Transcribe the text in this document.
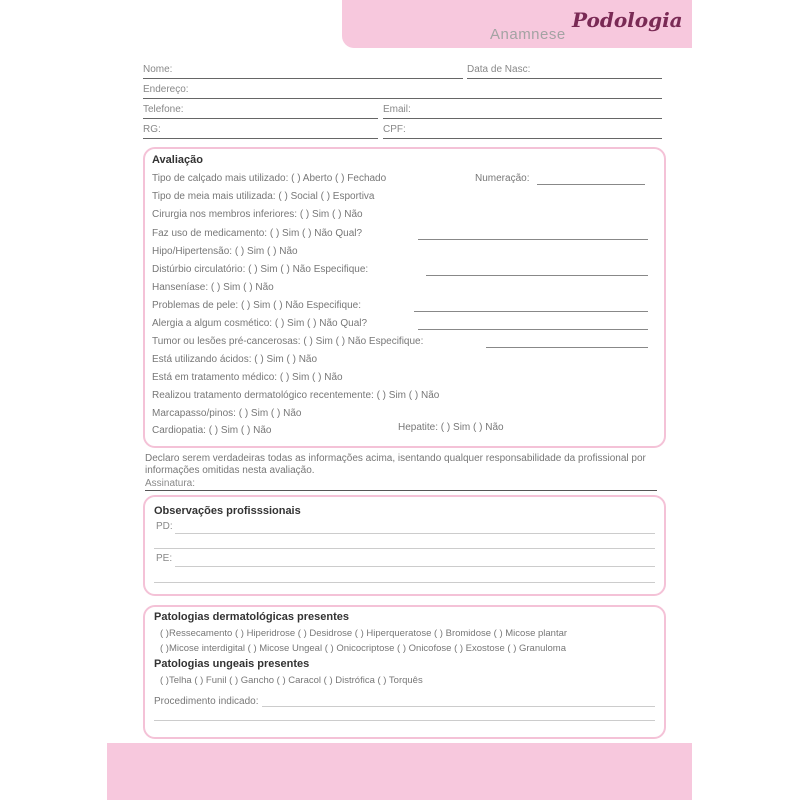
Anamnese
Podologia
Nome:	Data de Nasc:
Endereço:
Telefone:	Email:
RG:	CPF:
Avaliação
Tipo de calçado mais utilizado: ( ) Aberto ( ) Fechado	Numeração:
Tipo de meia mais utilizada: ( ) Social ( ) Esportiva
Cirurgia nos membros inferiores: ( ) Sim ( ) Não
Faz uso de medicamento: ( ) Sim ( ) Não Qual?
Hipo/Hipertensão: ( ) Sim ( ) Não
Distúrbio circulatório: ( ) Sim ( ) Não Especifique:
Hanseníase: ( ) Sim ( ) Não
Problemas de pele: ( ) Sim ( ) Não Especifique:
Alergia a algum cosmético: ( ) Sim ( ) Não Qual?
Tumor ou lesões pré-cancerosas: ( ) Sim ( ) Não Especifique:
Está utilizando ácidos: ( ) Sim ( ) Não
Está em tratamento médico: ( ) Sim ( ) Não
Realizou tratamento dermatológico recentemente: ( ) Sim ( ) Não
Marcapasso/pinos: ( ) Sim ( ) Não
Cardiopatia: ( ) Sim ( ) Não	Hepatite: ( ) Sim ( ) Não
Declaro serem verdadeiras todas as informações acima, isentando qualquer responsabilidade da profissional por informações omitidas nesta avaliação.
Assinatura:
Observações profisssionais
PD:
PE:
Patologias dermatológicas presentes
( )Ressecamento ( ) Hiperidrose ( ) Desidrose ( ) Hiperqueratose ( ) Bromidose ( ) Micose plantar
( )Micose interdigital ( ) Micose Ungeal ( ) Onicocriptose ( ) Onicofose ( ) Exostose ( ) Granuloma
Patologias ungeais presentes
( )Telha ( ) Funil ( ) Gancho ( ) Caracol ( ) Distrófica ( ) Torquês
Procedimento indicado:
